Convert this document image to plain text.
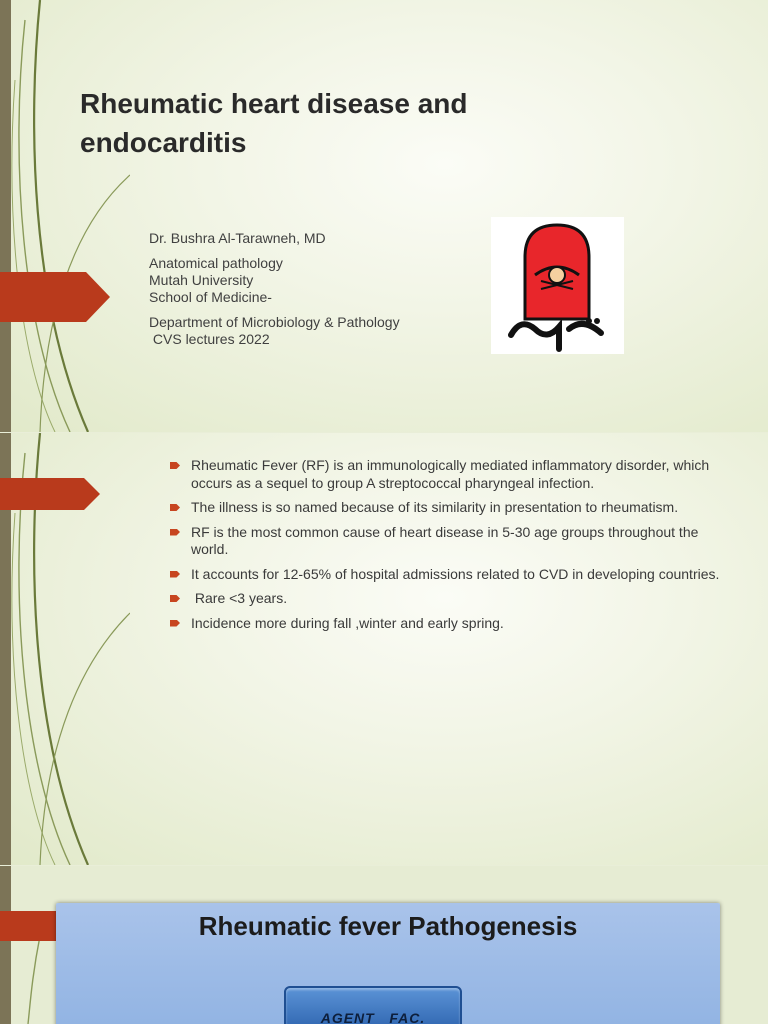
Rheumatic heart disease and endocarditis

Dr. Bushra Al-Tarawneh, MD

Anatomical pathology
Mutah University
School of Medicine-

Department of Microbiology & Pathology
CVS lectures 2022

Rheumatic Fever (RF) is an immunologically mediated inflammatory disorder, which occurs as a sequel to group A streptococcal pharyngeal infection.
The illness is so named because of its similarity in presentation to rheumatism.
RF is the most common cause of heart disease in 5-30 age groups throughout the world.
It accounts for 12-65% of hospital admissions related to CVD in developing countries.
Rare <3 years.
Incidence more during fall ,winter and early spring.
Rheumatic fever Pathogenesis
AGENT   FAC.
